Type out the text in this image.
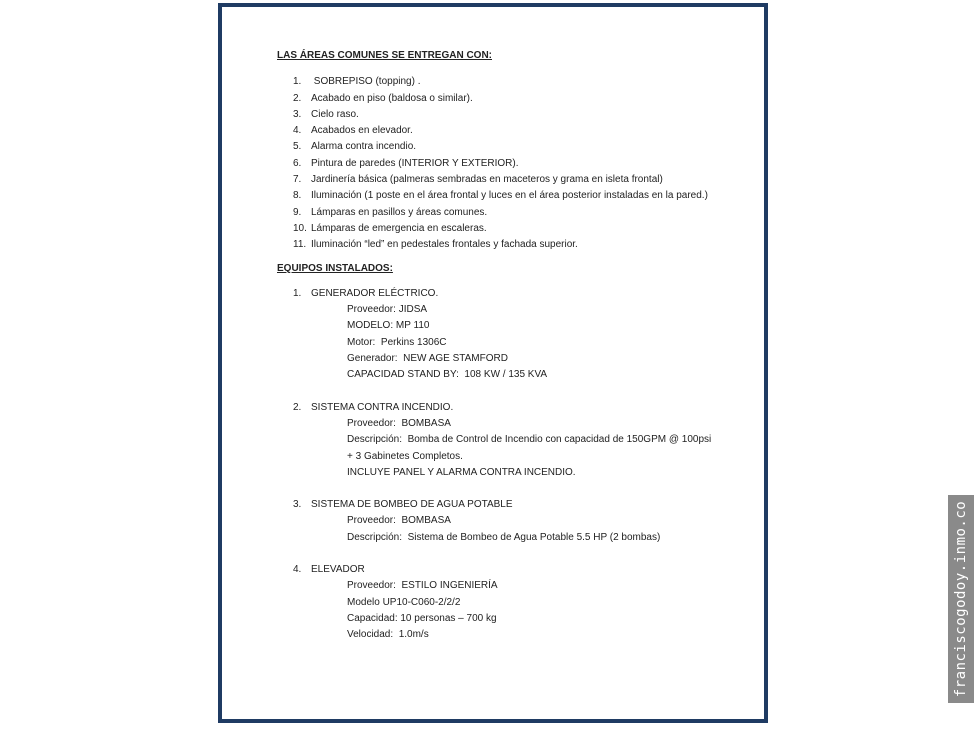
LAS ÁREAS COMUNES SE ENTREGAN CON:

1. SOBREPISO (topping) .
2. Acabado en piso (baldosa o similar).
3. Cielo raso.
4. Acabados en elevador.
5. Alarma contra incendio.
6. Pintura de paredes (INTERIOR Y EXTERIOR).
7. Jardinería básica (palmeras sembradas en maceteros y grama en isleta frontal)
8. Iluminación (1 poste en el área frontal y luces en el área posterior instaladas en la pared.)
9. Lámparas en pasillos y áreas comunes.
10. Lámparas de emergencia en escaleras.
11. Iluminación “led” en pedestales frontales y fachada superior.

EQUIPOS INSTALADOS:

1. GENERADOR ELÉCTRICO.
Proveedor: JIDSA
MODELO: MP 110
Motor:  Perkins 1306C
Generador:  NEW AGE STAMFORD
CAPACIDAD STAND BY:  108 KW / 135 KVA
2. SISTEMA CONTRA INCENDIO.
Proveedor:  BOMBASA
Descripción:  Bomba de Control de Incendio con capacidad de 150GPM @ 100psi
+ 3 Gabinetes Completos.
INCLUYE PANEL Y ALARMA CONTRA INCENDIO.
3. SISTEMA DE BOMBEO DE AGUA POTABLE
Proveedor:  BOMBASA
Descripción:  Sistema de Bombeo de Agua Potable 5.5 HP (2 bombas)
4. ELEVADOR
Proveedor:  ESTILO INGENIERÍA
Modelo UP10-C060-2/2/2
Capacidad: 10 personas – 700 kg
Velocidad:  1.0m/s	franciscogodoy.inmo.co
